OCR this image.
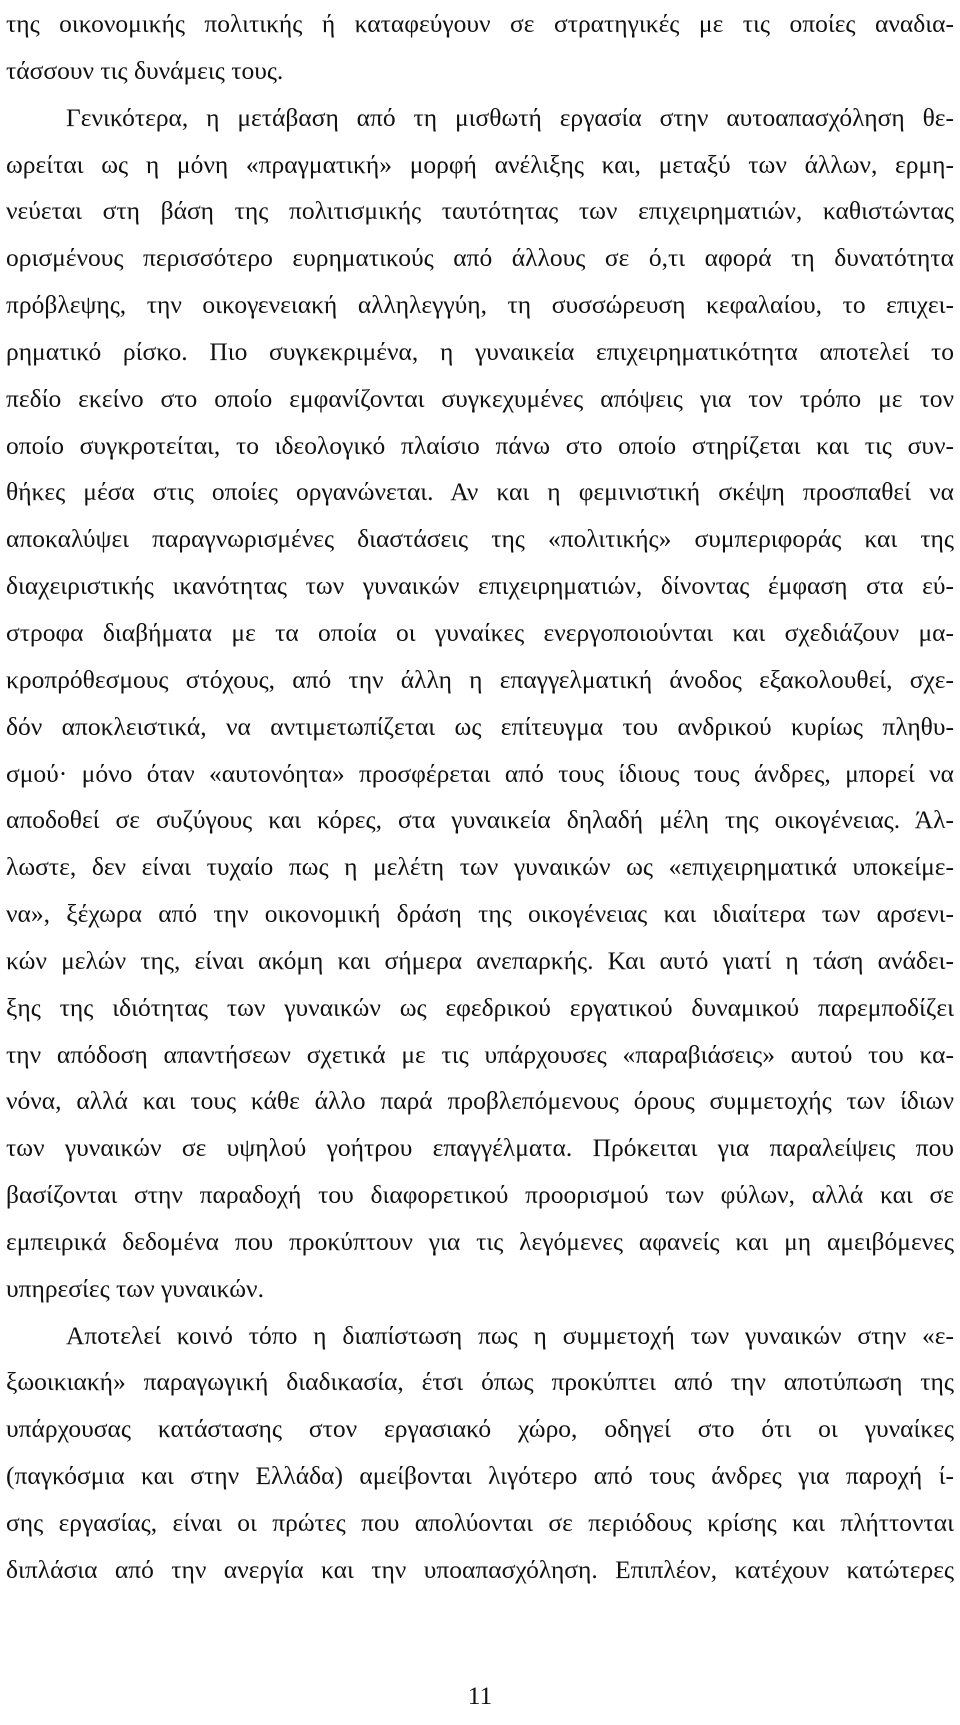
της οικονομικής πολιτικής ή καταφεύγουν σε στρατηγικές με τις οποίες αναδια-
τάσσουν τις δυνάμεις τους.
Γενικότερα, η μετάβαση από τη μισθωτή εργασία στην αυτοαπασχόληση θε-
ωρείται ως η μόνη «πραγματική» μορφή ανέλιξης και, μεταξύ των άλλων, ερμη-
νεύεται στη βάση της πολιτισμικής ταυτότητας των επιχειρηματιών, καθιστώντας
ορισμένους περισσότερο ευρηματικούς από άλλους σε ό,τι αφορά τη δυνατότητα
πρόβλεψης, την οικογενειακή αλληλεγγύη, τη συσσώρευση κεφαλαίου, το επιχει-
ρηματικό ρίσκο. Πιο συγκεκριμένα, η γυναικεία επιχειρηματικότητα αποτελεί το
πεδίο εκείνο στο οποίο εμφανίζονται συγκεχυμένες απόψεις για τον τρόπο με τον
οποίο συγκροτείται, το ιδεολογικό πλαίσιο πάνω στο οποίο στηρίζεται και τις συν-
θήκες μέσα στις οποίες οργανώνεται. Αν και η φεμινιστική σκέψη προσπαθεί να
αποκαλύψει παραγνωρισμένες διαστάσεις της «πολιτικής» συμπεριφοράς και της
διαχειριστικής ικανότητας των γυναικών επιχειρηματιών, δίνοντας έμφαση στα εύ-
στροφα διαβήματα με τα οποία οι γυναίκες ενεργοποιούνται και σχεδιάζουν μα-
κροπρόθεσμους στόχους, από την άλλη η επαγγελματική άνοδος εξακολουθεί, σχε-
δόν αποκλειστικά, να αντιμετωπίζεται ως επίτευγμα του ανδρικού κυρίως πληθυ-
σμού· μόνο όταν «αυτονόητα» προσφέρεται από τους ίδιους τους άνδρες, μπορεί να
αποδοθεί σε συζύγους και κόρες, στα γυναικεία δηλαδή μέλη της οικογένειας. Άλ-
λωστε, δεν είναι τυχαίο πως η μελέτη των γυναικών ως «επιχειρηματικά υποκείμε-
να», ξέχωρα από την οικονομική δράση της οικογένειας και ιδιαίτερα των αρσενι-
κών μελών της, είναι ακόμη και σήμερα ανεπαρκής. Και αυτό γιατί η τάση ανάδει-
ξης της ιδιότητας των γυναικών ως εφεδρικού εργατικού δυναμικού παρεμποδίζει
την απόδοση απαντήσεων σχετικά με τις υπάρχουσες «παραβιάσεις» αυτού του κα-
νόνα, αλλά και τους κάθε άλλο παρά προβλεπόμενους όρους συμμετοχής των ίδιων
των γυναικών σε υψηλού γοήτρου επαγγέλματα. Πρόκειται για παραλείψεις που
βασίζονται στην παραδοχή του διαφορετικού προορισμού των φύλων, αλλά και σε
εμπειρικά δεδομένα που προκύπτουν για τις λεγόμενες αφανείς και μη αμειβόμενες
υπηρεσίες των γυναικών.
Αποτελεί κοινό τόπο η διαπίστωση πως η συμμετοχή των γυναικών στην «ε-
ξωοικιακή» παραγωγική διαδικασία, έτσι όπως προκύπτει από την αποτύπωση της
υπάρχουσας κατάστασης στον εργασιακό χώρο, οδηγεί στο ότι οι γυναίκες
(παγκόσμια και στην Ελλάδα) αμείβονται λιγότερο από τους άνδρες για παροχή ί-
σης εργασίας, είναι οι πρώτες που απολύονται σε περιόδους κρίσης και πλήττονται
διπλάσια από την ανεργία και την υποαπασχόληση. Επιπλέον, κατέχουν κατώτερες
11
